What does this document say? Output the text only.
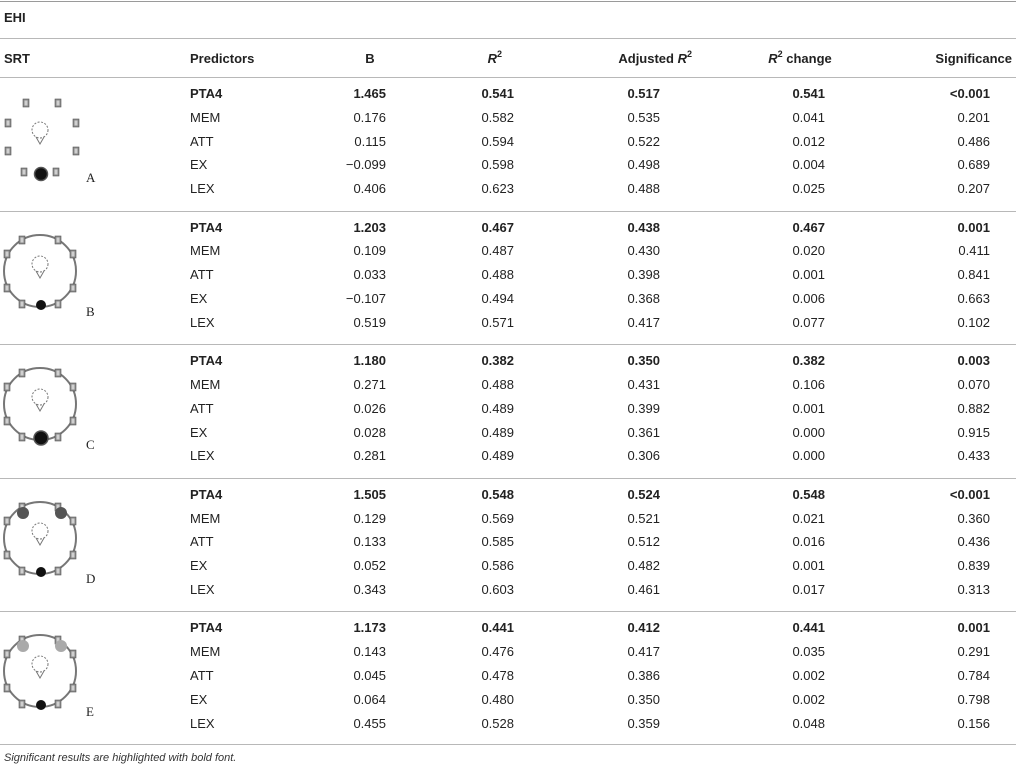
EHI
SRT	Predictors	B	$R^2$	Adjusted $R^2$	$R^2$ change	Significance
A
PTA4	1.465	0.541	0.517	0.541	<0.001
MEM	0.176	0.582	0.535	0.041	0.201
ATT	0.115	0.594	0.522	0.012	0.486
EX	−0.099	0.598	0.498	0.004	0.689
LEX	0.406	0.623	0.488	0.025	0.207
B
PTA4	1.203	0.467	0.438	0.467	0.001
MEM	0.109	0.487	0.430	0.020	0.411
ATT	0.033	0.488	0.398	0.001	0.841
EX	−0.107	0.494	0.368	0.006	0.663
LEX	0.519	0.571	0.417	0.077	0.102
C
PTA4	1.180	0.382	0.350	0.382	0.003
MEM	0.271	0.488	0.431	0.106	0.070
ATT	0.026	0.489	0.399	0.001	0.882
EX	0.028	0.489	0.361	0.000	0.915
LEX	0.281	0.489	0.306	0.000	0.433
D
PTA4	1.505	0.548	0.524	0.548	<0.001
MEM	0.129	0.569	0.521	0.021	0.360
ATT	0.133	0.585	0.512	0.016	0.436
EX	0.052	0.586	0.482	0.001	0.839
LEX	0.343	0.603	0.461	0.017	0.313
E
PTA4	1.173	0.441	0.412	0.441	0.001
MEM	0.143	0.476	0.417	0.035	0.291
ATT	0.045	0.478	0.386	0.002	0.784
EX	0.064	0.480	0.350	0.002	0.798
LEX	0.455	0.528	0.359	0.048	0.156
Significant results are highlighted with bold font.
